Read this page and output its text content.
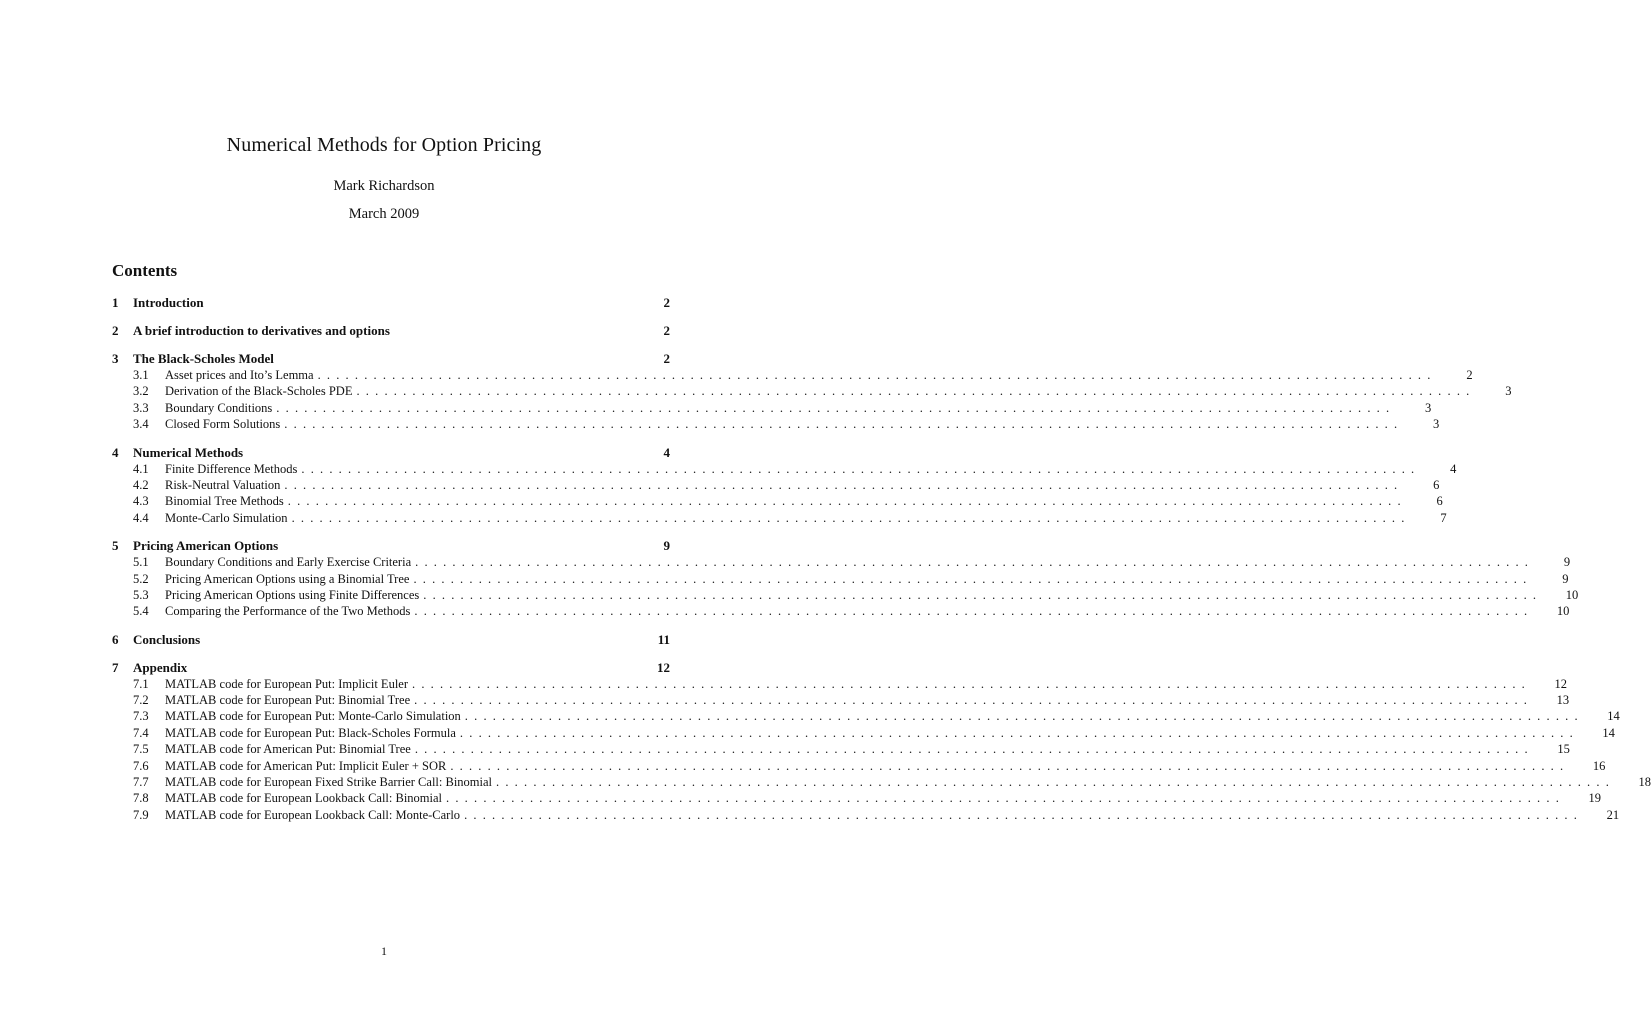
Numerical Methods for Option Pricing
Mark Richardson
March 2009
Contents
1	Introduction	2
2	A brief introduction to derivatives and options	2
3	The Black-Scholes Model	2
3.1	Asset prices and Ito’s Lemma ........................................................................................................................	2
3.2	Derivation of the Black-Scholes PDE ........................................................................................................................	3
3.3	Boundary Conditions ........................................................................................................................	3
3.4	Closed Form Solutions ........................................................................................................................	3
4	Numerical Methods	4
4.1	Finite Difference Methods ........................................................................................................................	4
4.2	Risk-Neutral Valuation ........................................................................................................................	6
4.3	Binomial Tree Methods ........................................................................................................................	6
4.4	Monte-Carlo Simulation ........................................................................................................................	7
5	Pricing American Options	9
5.1	Boundary Conditions and Early Exercise Criteria ........................................................................................................................	9
5.2	Pricing American Options using a Binomial Tree ........................................................................................................................	9
5.3	Pricing American Options using Finite Differences ........................................................................................................................	10
5.4	Comparing the Performance of the Two Methods ........................................................................................................................	10
6	Conclusions	11
7	Appendix	12
7.1	MATLAB code for European Put: Implicit Euler ........................................................................................................................	12
7.2	MATLAB code for European Put: Binomial Tree ........................................................................................................................	13
7.3	MATLAB code for European Put: Monte-Carlo Simulation ........................................................................................................................	14
7.4	MATLAB code for European Put: Black-Scholes Formula ........................................................................................................................	14
7.5	MATLAB code for American Put: Binomial Tree ........................................................................................................................	15
7.6	MATLAB code for American Put: Implicit Euler + SOR ........................................................................................................................	16
7.7	MATLAB code for European Fixed Strike Barrier Call: Binomial ........................................................................................................................	18
7.8	MATLAB code for European Lookback Call: Binomial ........................................................................................................................	19
7.9	MATLAB code for European Lookback Call: Monte-Carlo ........................................................................................................................	21
1
